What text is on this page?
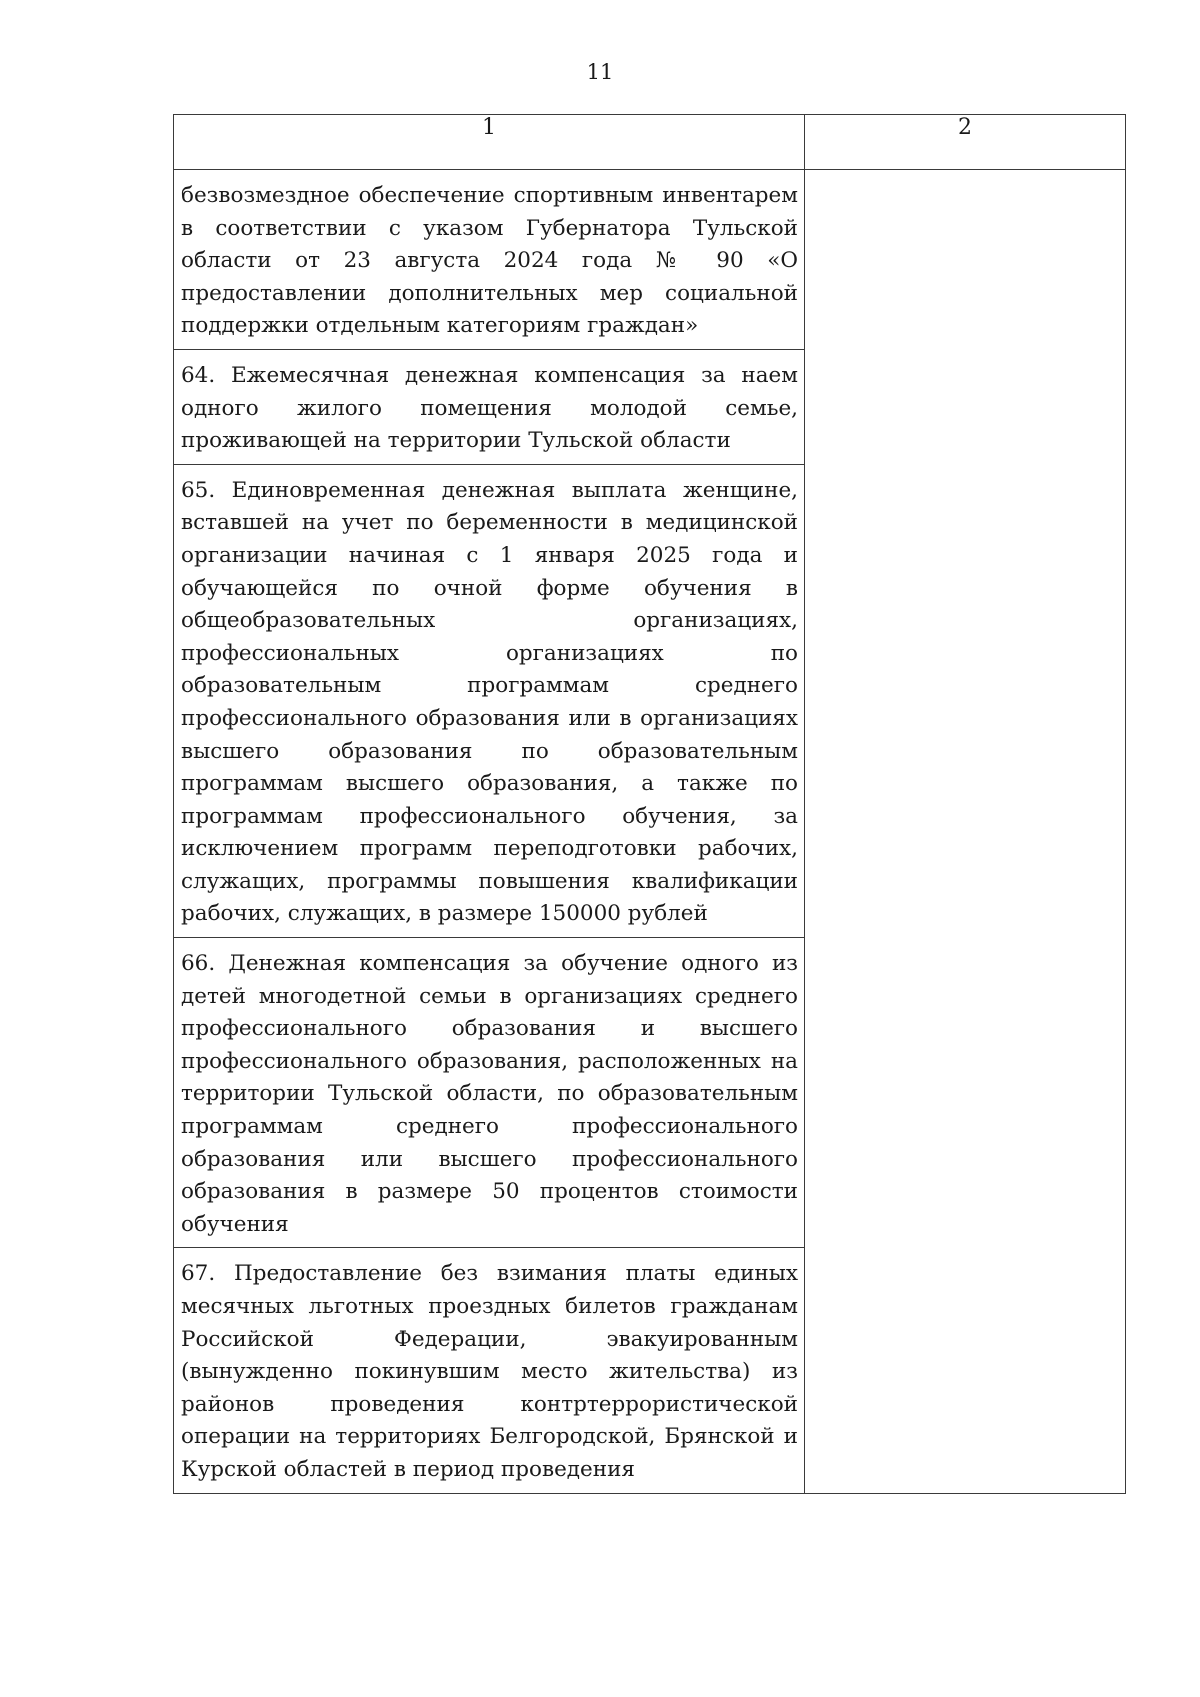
11
1	2
безвозмездное обеспечение спортивным инвентарем в соответствии с указом Губернатора Тульской области от 23 августа 2024 года № 90 «О предоставлении дополнительных мер социальной поддержки отдельным категориям граждан»	
64. Ежемесячная денежная компенсация за наем одного жилого помещения молодой семье, проживающей на территории Тульской области	
65. Единовременная денежная выплата женщине, вставшей на учет по беременности в медицинской организации начиная с 1 января 2025 года и обучающейся по очной форме обучения в общеобразовательных организациях, профессиональных организациях по образовательным программам среднего профессионального образования или в организациях высшего образования по образовательным программам высшего образования, а также по программам профессионального обучения, за исключением программ переподготовки рабочих, служащих, программы повышения квалификации рабочих, служащих, в размере 150000 рублей	
66. Денежная компенсация за обучение одного из детей многодетной семьи в организациях среднего профессионального образования и высшего профессионального образования, расположенных на территории Тульской области, по образовательным программам среднего профессионального образования или высшего профессионального образования в размере 50 процентов стоимости обучения	
67. Предоставление без взимания платы единых месячных льготных проездных билетов гражданам Российской Федерации, эвакуированным (вынужденно покинувшим место жительства) из районов проведения контртеррористической операции на территориях Белгородской, Брянской и Курской областей в период проведения	
